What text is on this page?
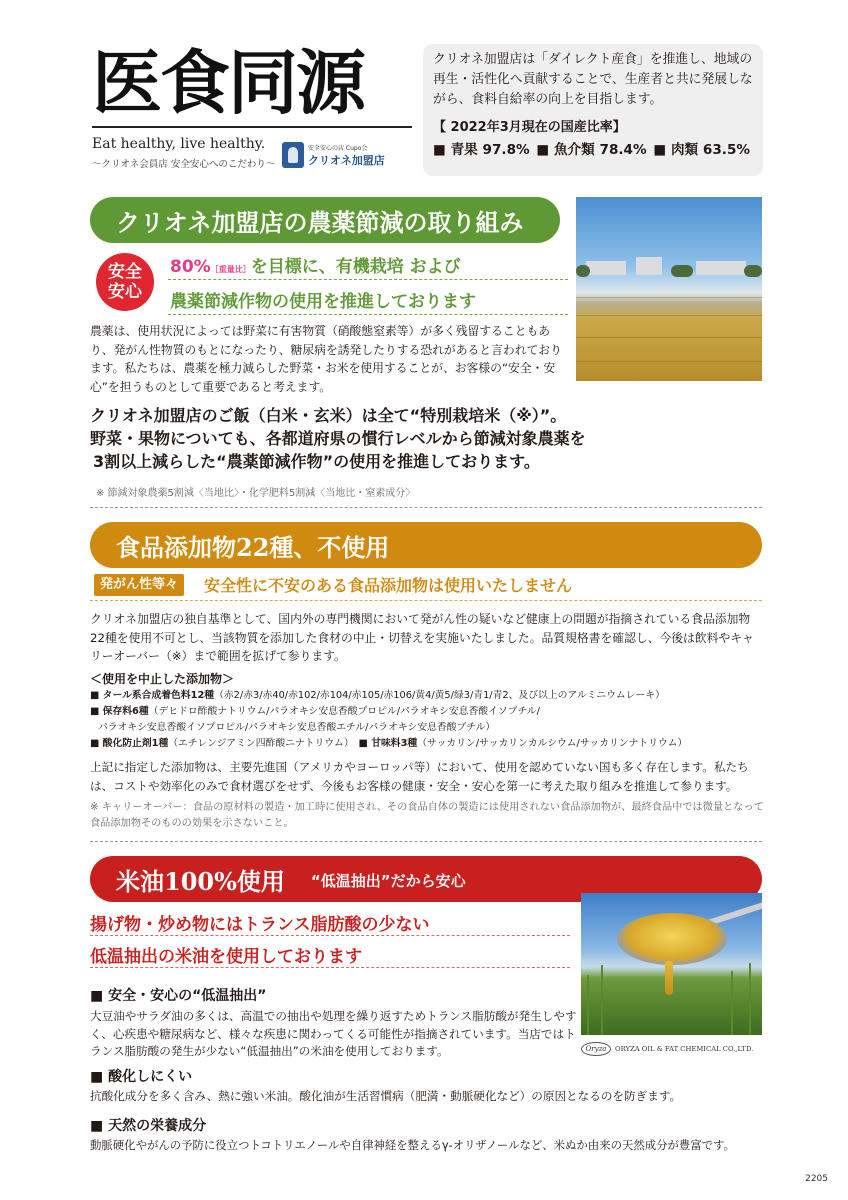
医食同源
Eat healthy, live healthy.
〜クリオネ会員店 安全安心へのこだわり〜
安全安心の店 Cupo会
クリオネ加盟店
クリオネ加盟店は「ダイレクト産食」を推進し、地域の再生・活性化へ貢献することで、生産者と共に発展しながら、食料自給率の向上を目指します。
【 2022年3月現在の国産比率】
■ 青果 97.8% ■ 魚介類 78.4% ■ 肉類 63.5%
クリオネ加盟店の農薬節減の取り組み
安全
安心
80%［重量比］を目標に、有機栽培 および
農薬節減作物の使用を推進しております
農薬は、使用状況によっては野菜に有害物質（硝酸態窒素等）が多く残留することもあり、発がん性物質のもとになったり、糖尿病を誘発したりする恐れがあると言われております。私たちは、農薬を極力減らした野菜・お米を使用することが、お客様の“安全・安心”を担うものとして重要であると考えます。
クリオネ加盟店のご飯（白米・玄米）は全て“特別栽培米（※）”。
野菜・果物についても、各都道府県の慣行レベルから節減対象農薬を
3割以上減らした“農薬節減作物”の使用を推進しております。
※ 節減対象農薬5割減〈当地比〉・化学肥料5割減〈当地比・窒素成分〉
食品添加物22種、不使用
発がん性等々	安全性に不安のある食品添加物は使用いたしません
クリオネ加盟店の独自基準として、国内外の専門機関において発がん性の疑いなど健康上の問題が指摘されている食品添加物22種を使用不可とし、当該物質を添加した食材の中止・切替えを実施いたしました。品質規格書を確認し、今後は飲料やキャリーオーバー（※）まで範囲を拡げて参ります。
＜使用を中止した添加物＞
■ タール系合成着色料12種（赤2/赤3/赤40/赤102/赤104/赤105/赤106/黄4/黄5/緑3/青1/青2、及び以上のアルミニウムレーキ）
■ 保存料6種（デヒドロ酢酸ナトリウム/パラオキシ安息香酸プロピル/パラオキシ安息香酸イソブチル/
パラオキシ安息香酸イソプロピル/パラオキシ安息香酸エチル/パラオキシ安息香酸ブチル）
■ 酸化防止剤1種（エチレンジアミン四酢酸ニナトリウム）　■ 甘味料3種（サッカリン/サッカリンカルシウム/サッカリンナトリウム）
上記に指定した添加物は、主要先進国（アメリカやヨーロッパ等）において、使用を認めていない国も多く存在します。私たちは、コストや効率化のみで食材選びをせず、今後もお客様の健康・安全・安心を第一に考えた取り組みを推進して参ります。
※ キャリーオーバー：食品の原材料の製造・加工時に使用され、その食品自体の製造には使用されない食品添加物が、最終食品中では微量となって食品添加物そのものの効果を示さないこと。
米油100%使用 “低温抽出”だから安心
揚げ物・炒め物にはトランス脂肪酸の少ない
低温抽出の米油を使用しております
■ 安全・安心の“低温抽出”
大豆油やサラダ油の多くは、高温での抽出や処理を繰り返すためトランス脂肪酸が発生しやすく、心疾患や糖尿病など、様々な疾患に関わってくる可能性が指摘されています。当店ではトランス脂肪酸の発生が少ない“低温抽出”の米油を使用しております。
■ 酸化しにくい
抗酸化成分を多く含み、熱に強い米油。酸化油が生活習慣病（肥満・動脈硬化など）の原因となるのを防ぎます。
■ 天然の栄養成分
動脈硬化やがんの予防に役立つトコトリエノールや自律神経を整えるγ-オリザノールなど、米ぬか由来の天然成分が豊富です。
Oryza	ORYZA OIL & FAT CHEMICAL CO.,LTD.
2205
